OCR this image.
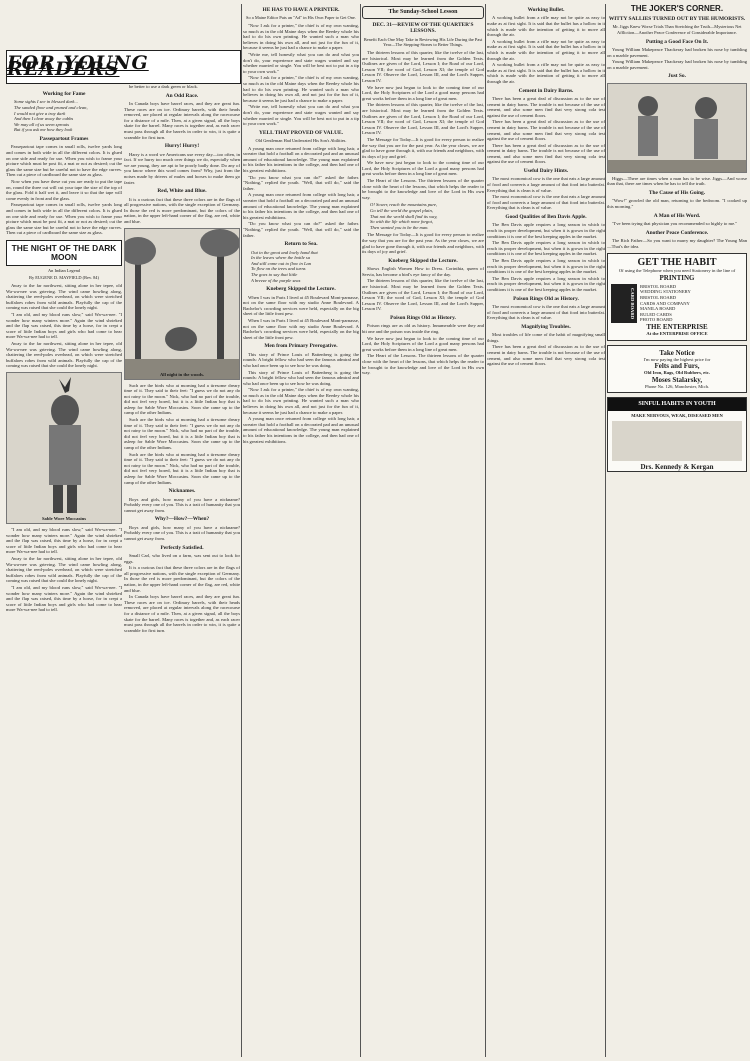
Working for Fame
Some sights I see in blessed dark...
The sanded floor and pruned and clean,
I would not give a tray dark
And then I clear away the cubbs
We may all of us seem sprouts
But if you ask me how they look
Passepartout Frames

Passepartout tape comes in small rolls, twelve yards long and comes in both wide in all the different colors. It is glued on one side and ready for use. When you wish to frame your picture which must be post fit, a mat or not as desired; cut the glass the same size but be careful not to have the edge curves. Then cut a piece of cardboard the same size as glass.

Now when you have these cut you are ready to put the tape on, round the three cut will cut your tape the size of the top of the glass. Fold it half wet it, and leave it so that the tape will come evenly in front and the glass.

Passepartout tape comes in small rolls, twelve yards long and comes in both wide in all the different colors. It is glued on one side and ready for use. When you wish to frame your picture which must be post fit, a mat or not as desired; cut the glass the same size but be careful not to have the edge curves. Then cut a piece of cardboard the same size as glass.

THE NIGHT OF THE DARK MOON
An Indian Legend
By EUGENE D. MAYFIELD (Rev. 84)

Away to the far northwest, sitting alone in her tepee, old Wa-wa-nee was grieving. The wind came howling along, chattering the reed-poles overhead, on which were stretched buffaloes robes from wild animals. Playfully the cap of the coming was raised that she could the lonely night.

"I am old, and my blood runs slow," said Wa-wa-nee. "I wonder how many winters more." Again the wind shrieked and the flap was raised, this time by a horse, for in crept a score of little Indian boys and girls who had come to hear more Wa-wa-nee had to tell.

Away to the far northwest, sitting alone in her tepee, old Wa-wa-nee was grieving. The wind came howling along, chattering the reed-poles overhead, on which were stretched buffaloes robes from wild animals. Playfully the cap of the coming was raised that she could the lonely night.

Sable Wore Moccasins

"I am old, and my blood runs slow," said Wa-wa-nee. "I wonder how many winters more." Again the wind shrieked and the flap was raised, this time by a horse, for in crept a score of little Indian boys and girls who had come to hear more Wa-wa-nee had to tell.

Away to the far northwest, sitting alone in her tepee, old Wa-wa-nee was grieving. The wind came howling along, chattering the reed-poles overhead, on which were stretched buffaloes robes from wild animals. Playfully the cap of the coming was raised that she could the lonely night.

"I am old, and my blood runs slow," said Wa-wa-nee. "I wonder how many winters more." Again the wind shrieked and the flap was raised, this time by a horse, for in crept a score of little Indian boys and girls who had come to hear more Wa-wa-nee had to tell.

FOR YOUNG READERS

be better to use a dark green or black.

An Odd Race.

In Canada boys have barrel races, and they are great fun. These races are on ice. Ordinary barrels, with their heads removed, are placed at regular intervals along the racecourse for a distance of a mile. Then, at a given signal, all the boys skate for the barrel. Many races is together and, as each racer must pass through all the barrels in order to win, it is quite a scramble for first turn.

Hurry! Hurry!

Harry is a word we Americans use every day—too often, in fact. If we hurry too much over things we do, especially when we are young, they are apt to be poorly badly done. Do any of you know where this word comes from? Why, just from the noises made by drivers of mules and horses to make them go faster.

Red, White and Blue.

It is a curious fact that these three colors are in the flags of all progressive nations, with the single exception of Germany. In those the red is more predominant, but the colors of the nation, in the upper left-hand corner of the flag, are red, white and blue.

All night in the woods.

Such are the birds who at morning had a tiresome dreary time of it. They said to their feet: "I guess we do not any do not rainy to the moon." Nick, who had no part of the trouble, did not feel very bored, but it is a little Indian boy that is asleep for Sable Wore Moccasins. Soon she came up to the camp of the other Indians.

Such are the birds who at morning had a tiresome dreary time of it. They said to their feet: "I guess we do not any do not rainy to the moon." Nick, who had no part of the trouble, did not feel very bored, but it is a little Indian boy that is asleep for Sable Wore Moccasins. Soon she came up to the camp of the other Indians.

Such are the birds who at morning had a tiresome dreary time of it. They said to their feet: "I guess we do not any do not rainy to the moon." Nick, who had no part of the trouble, did not feel very bored, but it is a little Indian boy that is asleep for Sable Wore Moccasins. Soon she came up to the camp of the other Indians.

Nicknames.

Boys and girls, how many of you have a nickname? Probably every one of you. This is a trait of humanity that you cannot get away from.

Why?—How?—When?

Boys and girls, how many of you have a nickname? Probably every one of you. This is a trait of humanity that you cannot get away from.

Perfectly Satisfied.

Small Carl, who lived on a farm, was sent out to look for eggs.

It is a curious fact that these three colors are in the flags of all progressive nations, with the single exception of Germany. In those the red is more predominant, but the colors of the nation, in the upper left-hand corner of the flag, are red, white and blue.

In Canada boys have barrel races, and they are great fun. These races are on ice. Ordinary barrels, with their heads removed, are placed at regular intervals along the racecourse for a distance of a mile. Then, at a given signal, all the boys skate for the barrel. Many races is together and, as each racer must pass through all the barrels in order to win, it is quite a scramble for first turn.

HE HAS TO HAVE A PRINTER.
So a Maine Editor Puts an "Ad" in His Own Paper to Get One.

"Now I ask for a printer," the chief is of my own wanting, so much as in the old Maine days when the Reedey whole his had to do his own printing. He wanted such a man who believes in doing his own all, and not just for the fun of it, because it seems he just had a chance to make a paper.

"Write me, tell honestly what you can do and what you don't do, your experience and state wages wanted and say whether married or single. You will be best not to put in a tip to your own work."

"Now I ask for a printer," the chief is of my own wanting, so much as in the old Maine days when the Reedey whole his had to do his own printing. He wanted such a man who believes in doing his own all, and not just for the fun of it, because it seems he just had a chance to make a paper.

"Write me, tell honestly what you can do and what you don't do, your experience and state wages wanted and say whether married or single. You will be best not to put in a tip to your own work."

YELL THAT PROVED OF VALUE.
Old Gentleman Had Underrated His Son's Abilities.

A young man once returned from college with long hair, a sweater that hold a football on a decorated pad and an unusual amount of educational knowledge. The young man explained to his father his intentions in the college, and then had one of his greatest exhibitions.

"Do you know what you can do?" asked the father. "Nothing," replied the youth. "Well, that will do," said the father.

A young man once returned from college with long hair, a sweater that hold a football on a decorated pad and an unusual amount of educational knowledge. The young man explained to his father his intentions in the college, and then had one of his greatest exhibitions.

"Do you know what you can do?" asked the father. "Nothing," replied the youth. "Well, that will do," said the father.

Return to Sea.
Out in the great and lowly hand that
In the leaves where the bottle sa
And still come out to flow in Lan
To flow on the trees and turns
The goes to say that little
A breeze of the purple seas
Kneberg Skipped the Lecture.

When I was in Paris I lived at 45 Boulevard Mont-parnasse, not on the same floor with my studio Anne Boulevard. A Bachelor's crowding services were held, especially on the big sheet of the little front pew.

When I was in Paris I lived at 45 Boulevard Mont-parnasse, not on the same floor with my studio Anne Boulevard. A Bachelor's crowding services were held, especially on the big sheet of the little front pew.

Men from Primary Prerogative.

This story of Prince Louis of Battenberg is going the rounds: A bright fellow who had seen the famous admiral and who had once been up to see how he was doing.

This story of Prince Louis of Battenberg is going the rounds: A bright fellow who had seen the famous admiral and who had once been up to see how he was doing.

"Now I ask for a printer," the chief is of my own wanting, so much as in the old Maine days when the Reedey whole his had to do his own printing. He wanted such a man who believes in doing his own all, and not just for the fun of it, because it seems he just had a chance to make a paper.

A young man once returned from college with long hair, a sweater that hold a football on a decorated pad and an unusual amount of educational knowledge. The young man explained to his father his intentions in the college, and then had one of his greatest exhibitions.

The Sunday-School Lesson
DEC. 31—REVIEW OF THE QUARTER'S LESSONS.
Benefit Each One May Take in Reviewing His Life During the Past Year—The Stepping-Stones to Better Things.

The thirteen lessons of this quarter, like the twelve of the last, are historical. Most may be learned from the Golden Texts. Outlines are given of the Lord, Lesson I; the Road of our Lord, Lesson VII; the word of God, Lesson XI; the temple of God Lesson IV. Observe the Lord, Lesson III, and the Lord's Supper, Lesson IV.

We have now just begun to look to the coming time of our Lord, the Holy Scriptures of the Lord a good many persons had great works before them in a long line of great men.

The thirteen lessons of this quarter, like the twelve of the last, are historical. Most may be learned from the Golden Texts. Outlines are given of the Lord, Lesson I; the Road of our Lord, Lesson VII; the word of God, Lesson XI; the temple of God Lesson IV. Observe the Lord, Lesson III, and the Lord's Supper, Lesson IV.

The Message for Today—It is good for every person to realize the way that you are for the past year. As the year closes, we are glad to have gone through it, with our friends and neighbors, with its days of joy and grief.

We have now just begun to look to the coming time of our Lord, the Holy Scriptures of the Lord a good many persons had great works before them in a long line of great men.

The Heart of the Lessons. The thirteen lessons of the quarter close with the heart of the lessons, that which helps the reader to be brought to the knowledge and love of the Lord in His own way.

O! Sower, reach the mountains pure,
Go tell the world the gospel plain,
That not the world shall find its way,
So with the life which none forgot,
Then wanted you to be the man.

The Message for Today—It is good for every person to realize the way that you are for the past year. As the year closes, we are glad to have gone through it, with our friends and neighbors, with its days of joy and grief.

Kneberg Skipped the Lecture.

Shows English Women How to Dress. Corinthia, queen of Servia, has become a bird's eye fancy of the day.

The thirteen lessons of this quarter, like the twelve of the last, are historical. Most may be learned from the Golden Texts. Outlines are given of the Lord, Lesson I; the Road of our Lord, Lesson VII; the word of God, Lesson XI; the temple of God Lesson IV. Observe the Lord, Lesson III, and the Lord's Supper, Lesson IV.

Poison Rings Old as History.

Poison rings are as old as history. Innumerable were they and bit one and the poison was inside the ring.

We have now just begun to look to the coming time of our Lord, the Holy Scriptures of the Lord a good many persons had great works before them in a long line of great men.

The Heart of the Lessons. The thirteen lessons of the quarter close with the heart of the lessons, that which helps the reader to be brought to the knowledge and love of the Lord in His own way.

Working Bullet.

A working bullet from a rifle may not be quite as easy to make as at first sight. It is said that the bullet has a hollow in it which is made with the intention of getting it to move all through the air.

A working bullet from a rifle may not be quite as easy to make as at first sight. It is said that the bullet has a hollow in it which is made with the intention of getting it to move all through the air.

A working bullet from a rifle may not be quite as easy to make as at first sight. It is said that the bullet has a hollow in it which is made with the intention of getting it to move all through the air.

Cement in Dairy Barns.

There has been a great deal of discussion as to the use of cement in dairy barns. The trouble is not because of the use of cement, and also some men find that very strong cola test against the use of cement floors.

There has been a great deal of discussion as to the use of cement in dairy barns. The trouble is not because of the use of cement, and also some men find that very strong cola test against the use of cement floors.

There has been a great deal of discussion as to the use of cement in dairy barns. The trouble is not because of the use of cement, and also some men find that very strong cola test against the use of cement floors.

Useful Dairy Hints.

The most economical cow is the one that eats a large amount of food and converts a large amount of that food into butterfat. Everything that is clean is of value.

The most economical cow is the one that eats a large amount of food and converts a large amount of that food into butterfat. Everything that is clean is of value.

Good Qualities of Ben Davis Apple.

The Ben Davis apple requires a long season in which to reach its proper development, but when it is grown in the right conditions it is one of the best keeping apples in the market.

The Ben Davis apple requires a long season in which to reach its proper development, but when it is grown in the right conditions it is one of the best keeping apples in the market.

The Ben Davis apple requires a long season in which to reach its proper development, but when it is grown in the right conditions it is one of the best keeping apples in the market.

The Ben Davis apple requires a long season in which to reach its proper development, but when it is grown in the right conditions it is one of the best keeping apples in the market.

Poison Rings Old as History.

The most economical cow is the one that eats a large amount of food and converts a large amount of that food into butterfat. Everything that is clean is of value.

Magnifying Troubles.

Most troubles of life come of the habit of magnifying small things.

There has been a great deal of discussion as to the use of cement in dairy barns. The trouble is not because of the use of cement, and also some men find that very strong cola test against the use of cement floors.

THE JOKER'S CORNER.
WITTY SALLIES TURNED OUT BY THE HUMORISTS.
Mr. Jiggs Knew Worse Trials Than Stretching the Truth—Mysterious Net Affliction—Another Peace Conference of Considerable Importance.
Putting a Good Face On It.

Young William Makepeace Thackeray had broken his nose by tumbling on a marble pavement.

Young William Makepeace Thackeray had broken his nose by tumbling on a marble pavement.

Just So.

Higgs—There are times when a man has to be wise. Jiggs—And worse than that, there are times when he has to tell the truth.

The Cause of His Going.

"Wow!" growled the old man, returning to the bedroom. "I cooked up this morning."

A Man of His Word.

"I've been trying that physician you recommended so highly to me."

Another Peace Conference.

The Rich Father—So you want to marry my daughter? The Young Man—That's the idea.

GET THE HABIT
Of using the Telephone when you need Stationery in the line of
PRINTING
CARD BOARD
BRISTOL BOARD
WEDDING STATIONERY
BRISTOL BOARD
CARDS AND COMPANY
MANILA BOARD
RULED CARDS
PHOTO BOARD
THE ENTERPRISE
At the ENTERPRISE OFFICE
Take Notice
I'm now paying the highest price for
Felts and Furs,
Old Iron, Rags, Old Rubbers, etc.
Moses Stalarsky,
Phone No. 126, Manchester, Mich.
SINFUL HABITS IN YOUTH
MAKE NERVOUS, WEAK, DISEASED MEN
Drs. Kennedy & Kergan
